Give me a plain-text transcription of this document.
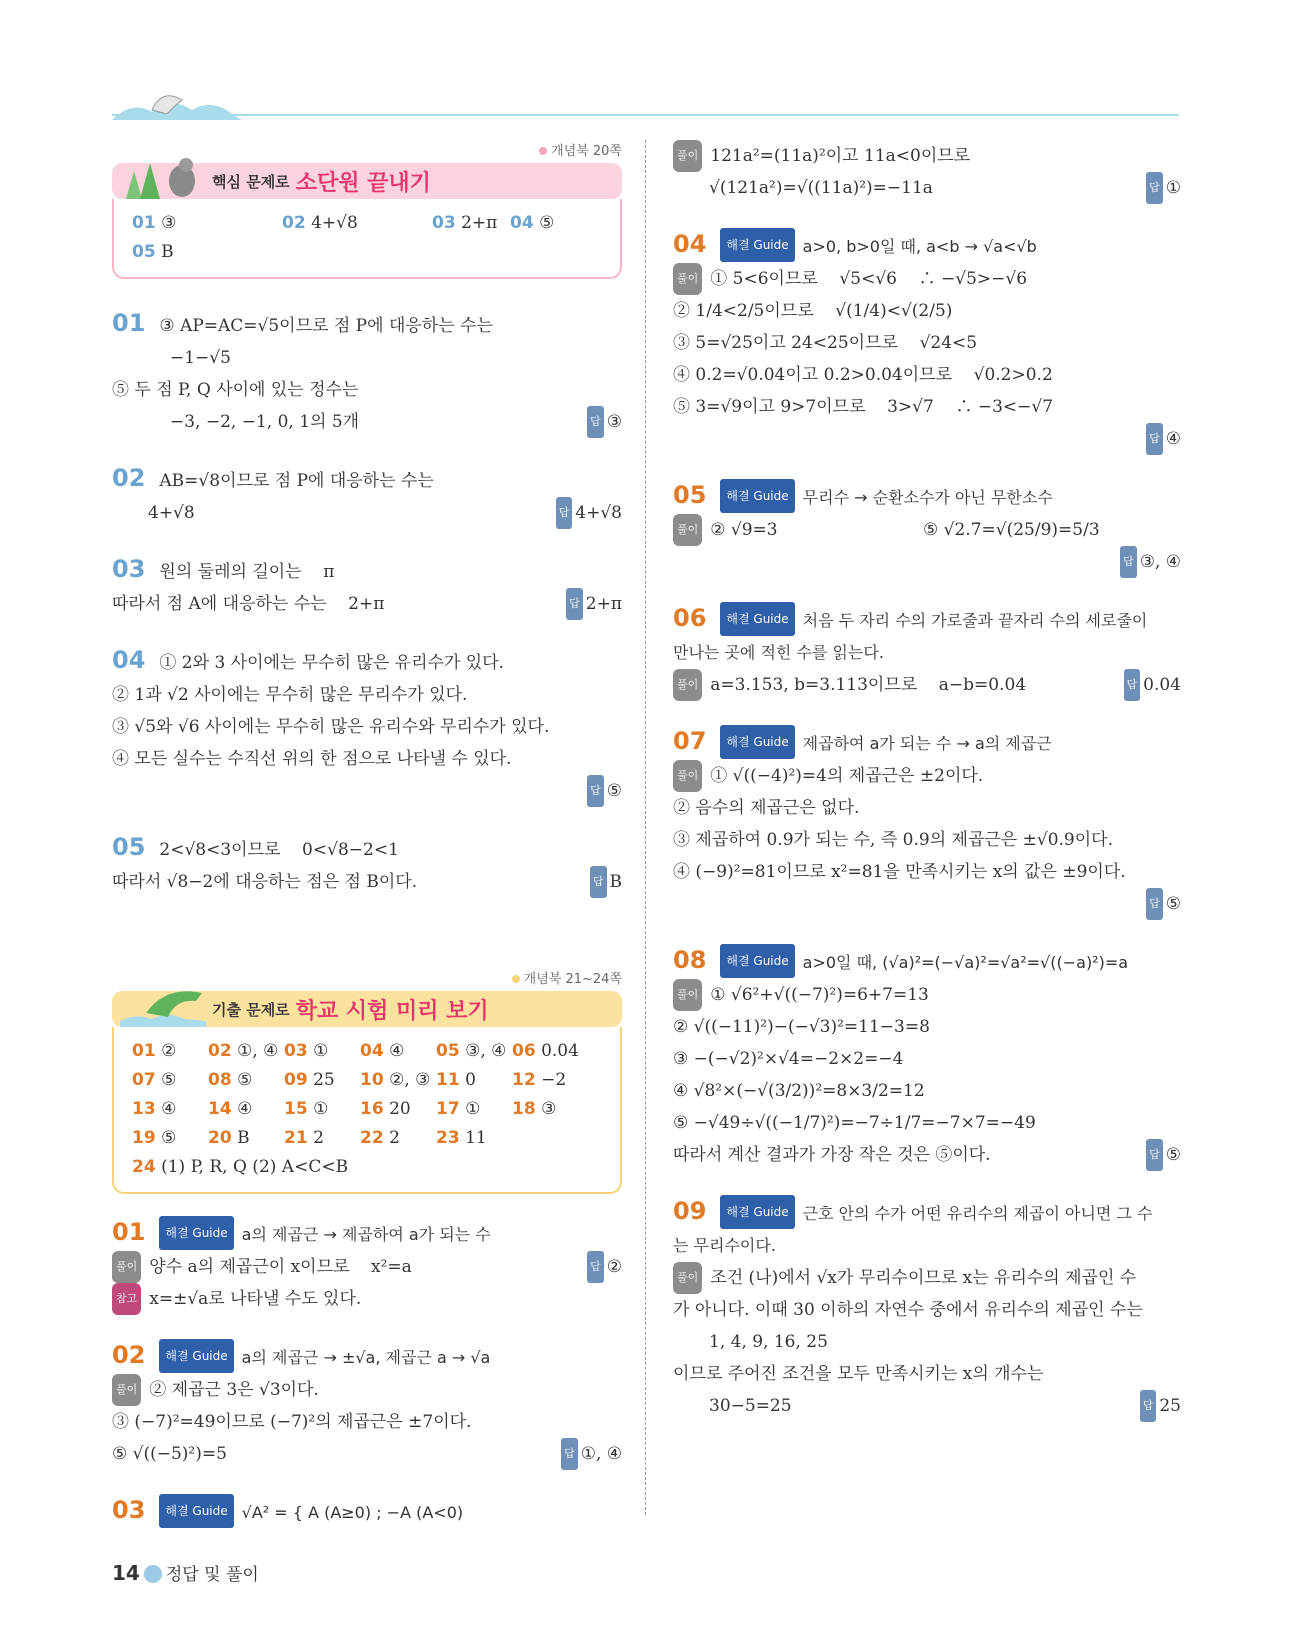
개념북 20쪽
핵심 문제로 소단원 끝내기
01 ③	02 4+√8	03 2+π 04 ⑤
05 B
01 ③ AP=AC=√5이므로 점 P에 대응하는 수는
−1−√5
⑤ 두 점 P, Q 사이에 있는 정수는
−3, −2, −1, 0, 1의 5개	답 ③
02 AB=√8이므로 점 P에 대응하는 수는
4+√8	답 4+√8
03 원의 둘레의 길이는    π
따라서 점 A에 대응하는 수는    2+π	답 2+π
04 ① 2와 3 사이에는 무수히 많은 유리수가 있다.
② 1과 √2 사이에는 무수히 많은 무리수가 있다.
③ √5와 √6 사이에는 무수히 많은 유리수와 무리수가 있다.
④ 모든 실수는 수직선 위의 한 점으로 나타낼 수 있다.
답 ⑤
05 2<√8<3이므로    0<√8−2<1
따라서 √8−2에 대응하는 점은 점 B이다.	답 B
개념북 21~24쪽
기출 문제로 학교 시험 미리 보기
01 ②	02 ①, ④ 03 ①	04 ④	05 ③, ④ 06 0.04
07 ⑤	08 ⑤	09 25	10 ②, ③ 11 0	12 −2
13 ④	14 ④	15 ①	16 20	17 ①	18 ③
19 ⑤	20 B	21 2	22 2	23 11
24 (1) P, R, Q (2) A<C<B
01 해결 Guide a의 제곱근 → 제곱하여 a가 되는 수
풀이 양수 a의 제곱근이 x이므로    x²=a	답 ②
참고 x=±√a로 나타낼 수도 있다.
02 해결 Guide a의 제곱근 → ±√a, 제곱근 a → √a
풀이 ② 제곱근 3은 √3이다.
③ (−7)²=49이므로 (−7)²의 제곱근은 ±7이다.
⑤ √((−5)²)=5	답 ①, ④
03 해결 Guide √A² = { A (A≥0) ; −A (A<0)
풀이 121a²=(11a)²이고 11a<0이므로
√(121a²)=√((11a)²)=−11a	답 ①
04 해결 Guide a>0, b>0일 때, a<b → √a<√b
풀이 ① 5<6이므로    √5<√6    ∴ −√5>−√6
② 1/4<2/5이므로    √(1/4)<√(2/5)
③ 5=√25이고 24<25이므로    √24<5
④ 0.2=√0.04이고 0.2>0.04이므로    √0.2>0.2
⑤ 3=√9이고 9>7이므로    3>√7    ∴ −3<−√7
답 ④
05 해결 Guide 무리수 → 순환소수가 아닌 무한소수
풀이 ② √9=3	⑤ √2.7̇=√(25/9)=5/3
답 ③, ④
06 해결 Guide 처음 두 자리 수의 가로줄과 끝자리 수의 세로줄이
만나는 곳에 적힌 수를 읽는다.
풀이 a=3.153, b=3.113이므로    a−b=0.04	답 0.04
07 해결 Guide 제곱하여 a가 되는 수 → a의 제곱근
풀이 ① √((−4)²)=4의 제곱근은 ±2이다.
② 음수의 제곱근은 없다.
③ 제곱하여 0.9가 되는 수, 즉 0.9의 제곱근은 ±√0.9이다.
④ (−9)²=81이므로 x²=81을 만족시키는 x의 값은 ±9이다.
답 ⑤
08 해결 Guide a>0일 때, (√a)²=(−√a)²=√a²=√((−a)²)=a
풀이 ① √6²+√((−7)²)=6+7=13
② √((−11)²)−(−√3)²=11−3=8
③ −(−√2)²×√4=−2×2=−4
④ √8²×(−√(3/2))²=8×3/2=12
⑤ −√49÷√((−1/7)²)=−7÷1/7=−7×7=−49
따라서 계산 결과가 가장 작은 것은 ⑤이다.	답 ⑤
09 해결 Guide 근호 안의 수가 어떤 유리수의 제곱이 아니면 그 수
는 무리수이다.
풀이 조건 (나)에서 √x가 무리수이므로 x는 유리수의 제곱인 수
가 아니다. 이때 30 이하의 자연수 중에서 유리수의 제곱인 수는
1, 4, 9, 16, 25
이므로 주어진 조건을 모두 만족시키는 x의 개수는
30−5=25	답 25
14 정답 및 풀이
